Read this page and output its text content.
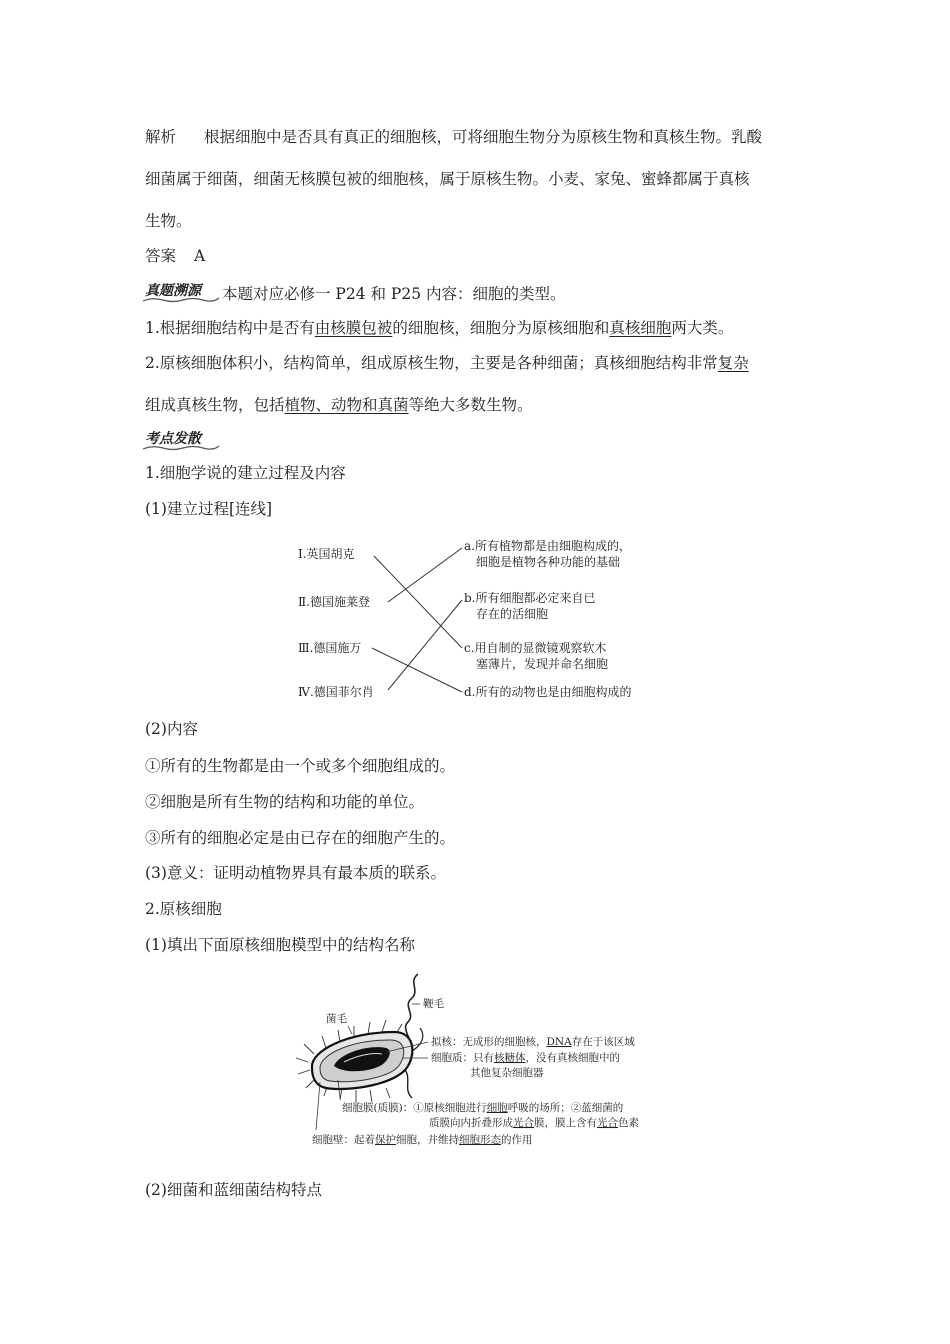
解析 根据细胞中是否具有真正的细胞核，可将细胞生物分为原核生物和真核生物。乳酸
细菌属于细菌，细菌无核膜包被的细胞核，属于原核生物。小麦、家兔、蜜蜂都属于真核
生物。
答案 A
真题溯源 本题对应必修一 P24 和 P25 内容：细胞的类型。
1.根据细胞结构中是否有由核膜包被的细胞核，细胞分为原核细胞和真核细胞两大类。
2.原核细胞体积小，结构简单，组成原核生物，主要是各种细菌；真核细胞结构非常复杂
组成真核生物，包括植物、动物和真菌等绝大多数生物。
考点发散
1.细胞学说的建立过程及内容
(1)建立过程[连线]
Ⅰ.英国胡克
Ⅱ.德国施莱登
Ⅲ.德国施万
Ⅳ.德国菲尔肖
a.所有植物都是由细胞构成的，
细胞是植物各种功能的基础
b.所有细胞都必定来自已
存在的活细胞
c.用自制的显微镜观察软木
塞薄片，发现并命名细胞
d.所有的动物也是由细胞构成的
(2)内容
①所有的生物都是由一个或多个细胞组成的。
②细胞是所有生物的结构和功能的单位。
③所有的细胞必定是由已存在的细胞产生的。
(3)意义：证明动植物界具有最本质的联系。
2.原核细胞
(1)填出下面原核细胞模型中的结构名称
鞭毛
菌毛
拟核：无成形的细胞核，DNA存在于该区域
细胞质：只有核糖体，没有真核细胞中的
其他复杂细胞器
细胞膜(质膜)：①原核细胞进行细胞呼吸的场所；②蓝细菌的
质膜向内折叠形成光合膜，膜上含有光合色素
细胞壁：起着保护细胞，并维持细胞形态的作用
(2)细菌和蓝细菌结构特点
